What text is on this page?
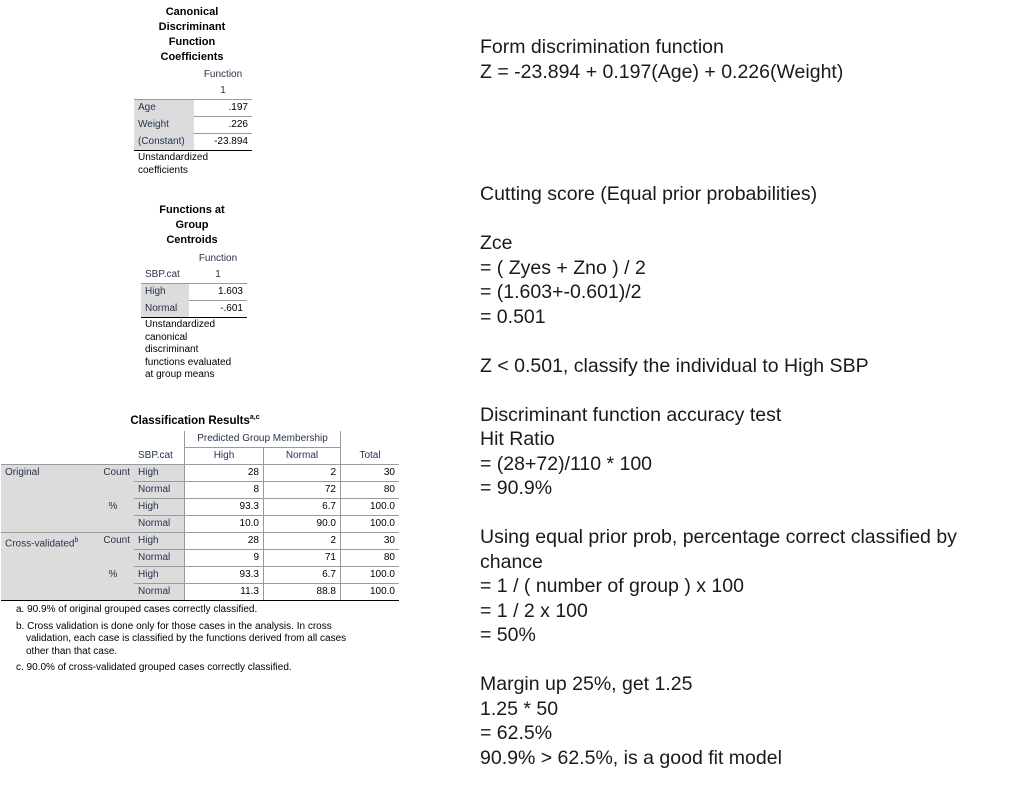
Canonical
Discriminant
Function
Coefficients
	Function
	1
Age	.197
Weight	.226
(Constant)	-23.894
Unstandardized
coefficients
Functions at
Group
Centroids
	Function
SBP.cat	1
High	1.603
Normal	-.601
Unstandardized
canonical
discriminant
functions evaluated
at group means
Classification Results$^{a,c}$
			Predicted Group Membership		
		SBP.cat	High	Normal	Total
Original	Count	High	28	2	30
		Normal	8	72	80
	%	High	93.3	6.7	100.0
		Normal	10.0	90.0	100.0
Cross-validated$^b$	Count	High	28	2	30
		Normal	9	71	80
	%	High	93.3	6.7	100.0
		Normal	11.3	88.8	100.0
a. 90.9% of original grouped cases correctly classified.
b. Cross validation is done only for those cases in the analysis. In cross
validation, each case is classified by the functions derived from all cases
other than that case.
c. 90.0% of cross-validated grouped cases correctly classified.
Form discrimination function
Z = -23.894 + 0.197(Age) + 0.226(Weight)
Cutting score (Equal prior probabilities)
Zce
= ( Zyes + Zno ) / 2
= (1.603+-0.601)/2
= 0.501
Z < 0.501, classify the individual to High SBP
Discriminant function accuracy test
Hit Ratio
= (28+72)/110 * 100
= 90.9%
Using equal prior prob, percentage correct classified by
chance
= 1 / ( number of group ) x 100
= 1 / 2 x 100
= 50%
Margin up 25%, get 1.25
1.25 * 50
= 62.5%
90.9% > 62.5%, is a good fit model
